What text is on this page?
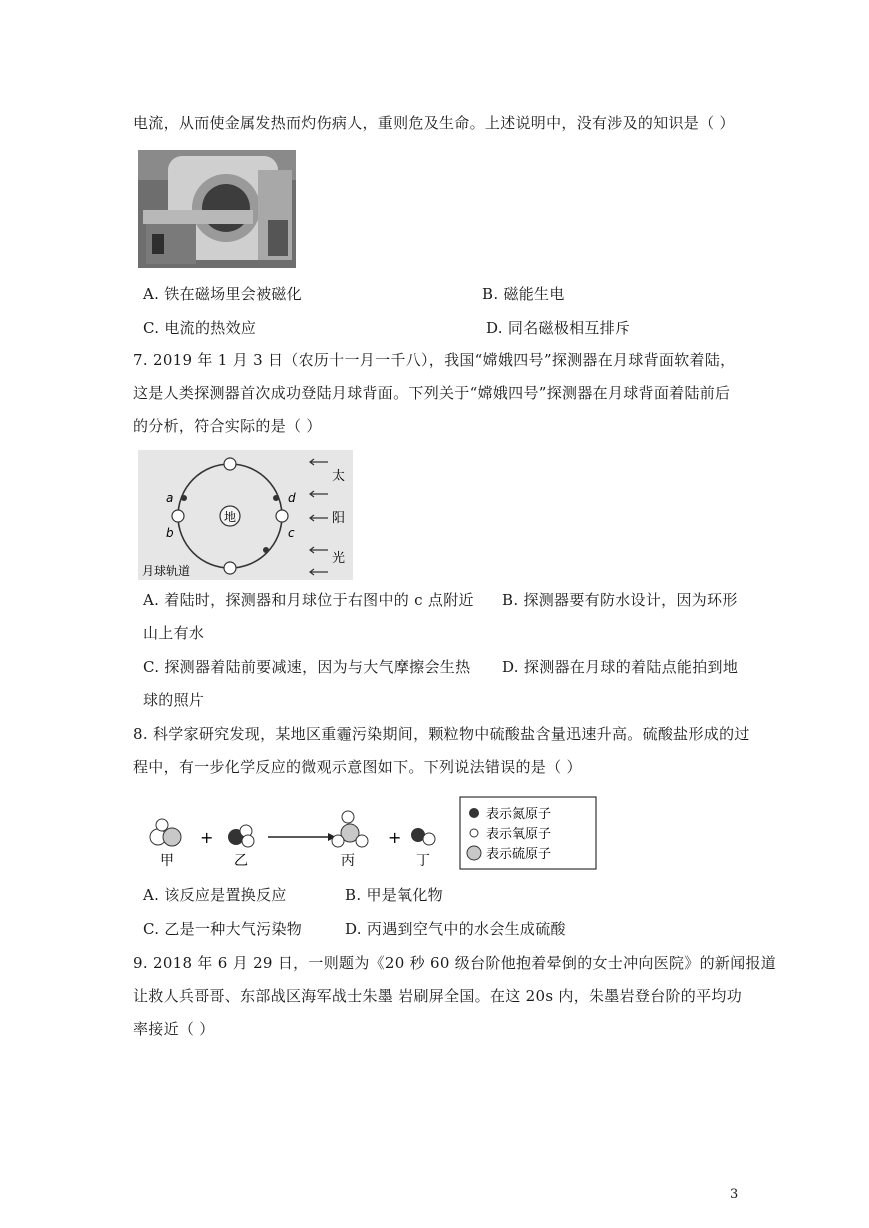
电流，从而使金属发热而灼伤病人，重则危及生命。上述说明中，没有涉及的知识是（ ）
A. 铁在磁场里会被磁化	B. 磁能生电
C. 电流的热效应	D. 同名磁极相互排斥
7. 2019 年 1 月 3 日（农历十一月一千八），我国“嫦娥四号”探测器在月球背面软着陆，
这是人类探测器首次成功登陆月球背面。下列关于“嫦娥四号”探测器在月球背面着陆前后
的分析，符合实际的是（ ）
地
a
b	c
d
太
阳
光
月球轨道
A. 着陆时，探测器和月球位于右图中的 c 点附近 B. 探测器要有防水设计，因为环形
山上有水
C. 探测器着陆前要减速，因为与大气摩擦会生热 D. 探测器在月球的着陆点能拍到地
球的照片
8. 科学家研究发现，某地区重霾污染期间，颗粒物中硫酸盐含量迅速升高。硫酸盐形成的过
程中，有一步化学反应的微观示意图如下。下列说法错误的是（ ）
甲
+
乙	丙
+
丁
表示氮原子
表示氧原子
表示硫原子
A. 该反应是置换反应	B. 甲是氧化物
C. 乙是一种大气污染物	D. 丙遇到空气中的水会生成硫酸
9. 2018 年 6 月 29 日，一则题为《20 秒 60 级台阶他抱着晕倒的女士冲向医院》的新闻报道
让救人兵哥哥、东部战区海军战士朱墨 岩刷屏全国。在这 20s 内，朱墨岩登台阶的平均功
率接近（ ）
3
